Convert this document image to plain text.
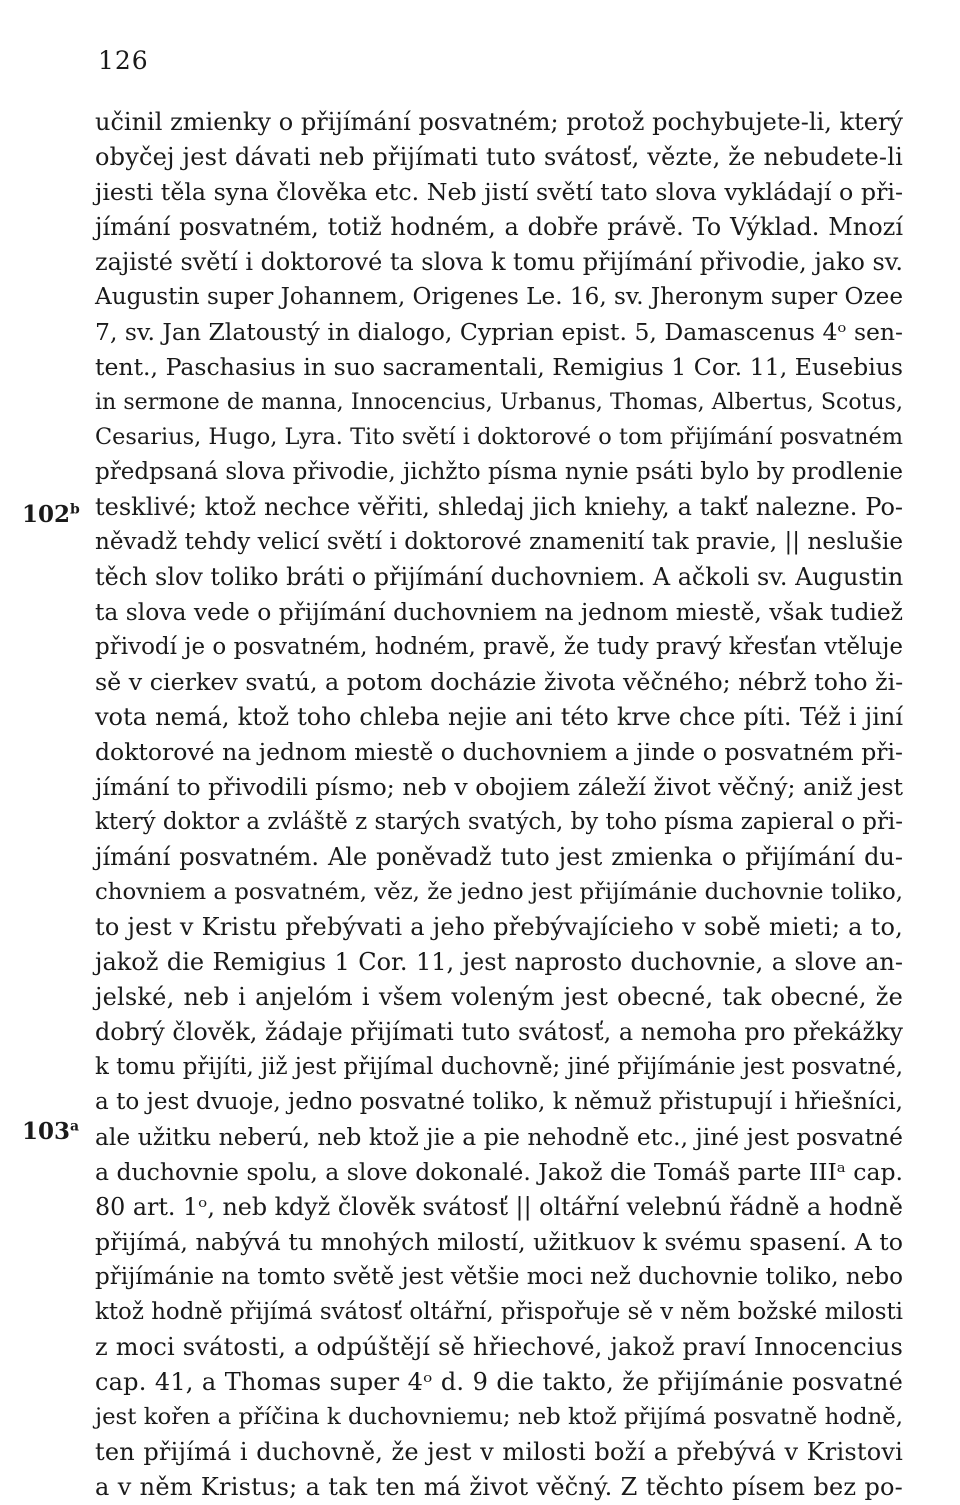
126
102$^b$
103$^a$
učinil zmienky o přijímání posvatném; protož pochybujete-li, který
obyčej jest dávati neb přijímati tuto svátosť, vězte, že nebudete-li
jiesti těla syna člověka etc. Neb jistí světí tato slova vykládají o při-
jímání posvatném, totiž hodném, a dobře právě. To Výklad. Mnozí
zajisté světí i doktorové ta slova k tomu přijímání přivodie, jako sv.
Augustin super Johannem, Origenes Le. 16, sv. Jheronym super Ozee
7, sv. Jan Zlatoustý in dialogo, Cyprian epist. 5, Damascenus 4ᵒ sen-
tent., Paschasius in suo sacramentali, Remigius 1 Cor. 11, Eusebius
in sermone de manna, Innocencius, Urbanus, Thomas, Albertus, Scotus,
Cesarius, Hugo, Lyra. Tito světí i doktorové o tom přijímání posvatném
předpsaná slova přivodie, jichžto písma nynie psáti bylo by prodlenie
tesklivé; ktož nechce věřiti, shledaj jich kniehy, a takť nalezne. Po-
něvadž tehdy velicí světí i doktorové znamenití tak pravie, || neslušie
těch slov toliko bráti o přijímání duchovniem. A ačkoli sv. Augustin
ta slova vede o přijímání duchovniem na jednom miestě, však tudiež
přivodí je o posvatném, hodném, pravě, že tudy pravý křesťan vtěluje
sě v cierkev svatú, a potom docházie života věčného; nébrž toho ži-
vota nemá, ktož toho chleba nejie ani této krve chce píti. Též i jiní
doktorové na jednom miestě o duchovniem a jinde o posvatném při-
jímání to přivodili písmo; neb v obojiem záleží život věčný; aniž jest
který doktor a zvláště z starých svatých, by toho písma zapieral o při-
jímání posvatném. Ale poněvadž tuto jest zmienka o přijímání du-
chovniem a posvatném, věz, že jedno jest přijímánie duchovnie toliko,
to jest v Kristu přebývati a jeho přebývajícieho v sobě mieti; a to,
jakož die Remigius 1 Cor. 11, jest naprosto duchovnie, a slove an-
jelské, neb i anjelóm i všem voleným jest obecné, tak obecné, že
dobrý člověk, žádaje přijímati tuto svátosť, a nemoha pro překážky
k tomu přijíti, již jest přijímal duchovně; jiné přijímánie jest posvatné,
a to jest dvuoje, jedno posvatné toliko, k němuž přistupují i hřiešníci,
ale užitku neberú, neb ktož jie a pie nehodně etc., jiné jest posvatné
a duchovnie spolu, a slove dokonalé. Jakož die Tomáš parte IIIᵃ cap.
80 art. 1ᵒ, neb když člověk svátosť || oltářní velebnú řádně a hodně
přijímá, nabývá tu mnohých milostí, užitkuov k svému spasení. A to
přijímánie na tomto světě jest většie moci než duchovnie toliko, nebo
ktož hodně přijímá svátosť oltářní, přispořuje sě v něm božské milosti
z moci svátosti, a odpúštějí sě hřiechové, jakož praví Innocencius
cap. 41, a Thomas super 4ᵒ d. 9 die takto, že přijímánie posvatné
jest kořen a příčina k duchovniemu; neb ktož přijímá posvatně hodně,
ten přijímá i duchovně, že jest v milosti boží a přebývá v Kristovi
a v něm Kristus; a tak ten má život věčný. Z těchto písem bez po-
